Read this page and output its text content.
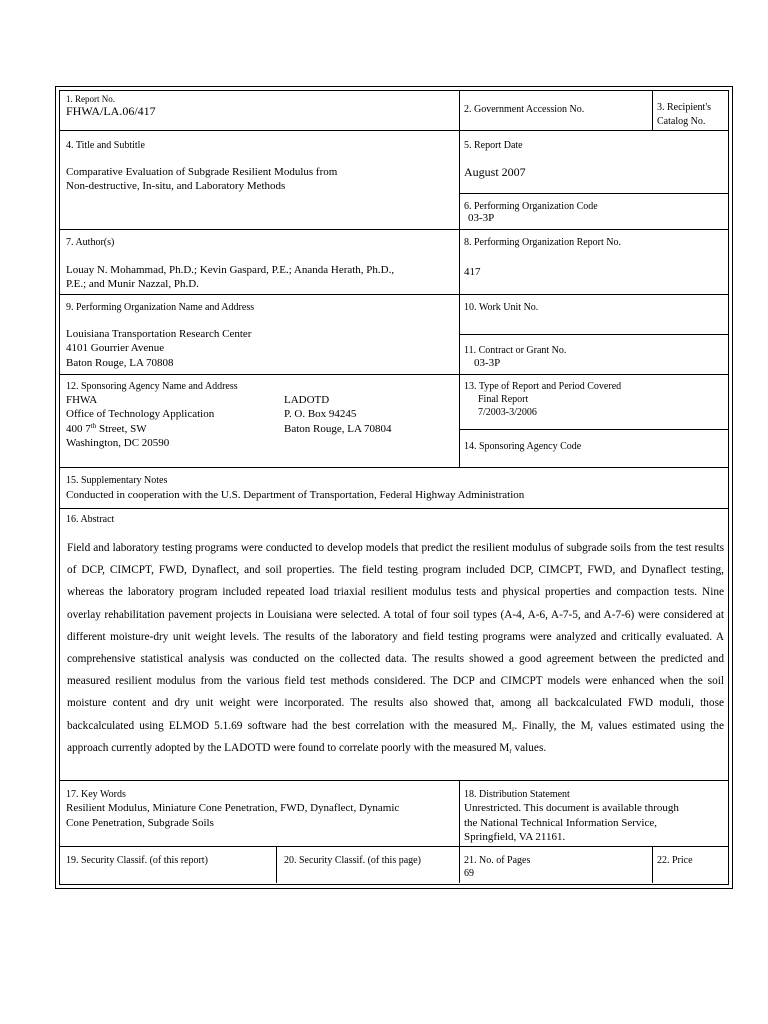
1. Report No.
FHWA/LA.06/417	2. Government Accession No.	3. Recipient's
Catalog No.
4. Title and Subtitle
Comparative Evaluation of Subgrade Resilient Modulus from
Non-destructive, In-situ, and Laboratory Methods
5. Report Date
August 2007
6. Performing Organization Code
03-3P
7. Author(s)
Louay N. Mohammad, Ph.D.; Kevin Gaspard, P.E.; Ananda Herath, Ph.D.,
P.E.; and Munir Nazzal, Ph.D.
8. Performing Organization Report No.
417
9. Performing Organization Name and Address
Louisiana Transportation Research Center
4101 Gourrier Avenue
Baton Rouge, LA 70808
10. Work Unit No.
11. Contract or Grant No.
03-3P
12. Sponsoring Agency Name and Address
FHWA
Office of Technology Application
400 7th Street, SW
Washington, DC 20590
LADOTD
P. O. Box 94245
Baton Rouge, LA 70804
13. Type of Report and Period Covered
Final Report
7/2003-3/2006
14. Sponsoring Agency Code
15. Supplementary Notes
Conducted in cooperation with the U.S. Department of Transportation, Federal Highway Administration
16. Abstract
Field and laboratory testing programs were conducted to develop models that predict the resilient modulus of subgrade soils from the test results of DCP, CIMCPT, FWD, Dynaflect, and soil properties. The field testing program included DCP, CIMCPT, FWD, and Dynaflect testing, whereas the laboratory program included repeated load triaxial resilient modulus tests and physical properties and compaction tests. Nine overlay rehabilitation pavement projects in Louisiana were selected. A total of four soil types (A-4, A-6, A-7-5, and A-7-6) were considered at different moisture-dry unit weight levels. The results of the laboratory and field testing programs were analyzed and critically evaluated. A comprehensive statistical analysis was conducted on the collected data. The results showed a good agreement between the predicted and measured resilient modulus from the various field test methods considered. The DCP and CIMCPT models were enhanced when the soil moisture content and dry unit weight were incorporated. The results also showed that, among all backcalculated FWD moduli, those backcalculated using ELMOD 5.1.69 software had the best correlation with the measured $M_r$. Finally, the $M_r$ values estimated using the approach currently adopted by the LADOTD were found to correlate poorly with the measured $M_r$ values.
17. Key Words
Resilient Modulus, Miniature Cone Penetration, FWD, Dynaflect, Dynamic
Cone Penetration, Subgrade Soils
18. Distribution Statement
Unrestricted. This document is available through
the National Technical Information Service,
Springfield, VA 21161.
19. Security Classif. (of this report)	20. Security Classif. (of this page)	21. No. of Pages
69
22. Price
